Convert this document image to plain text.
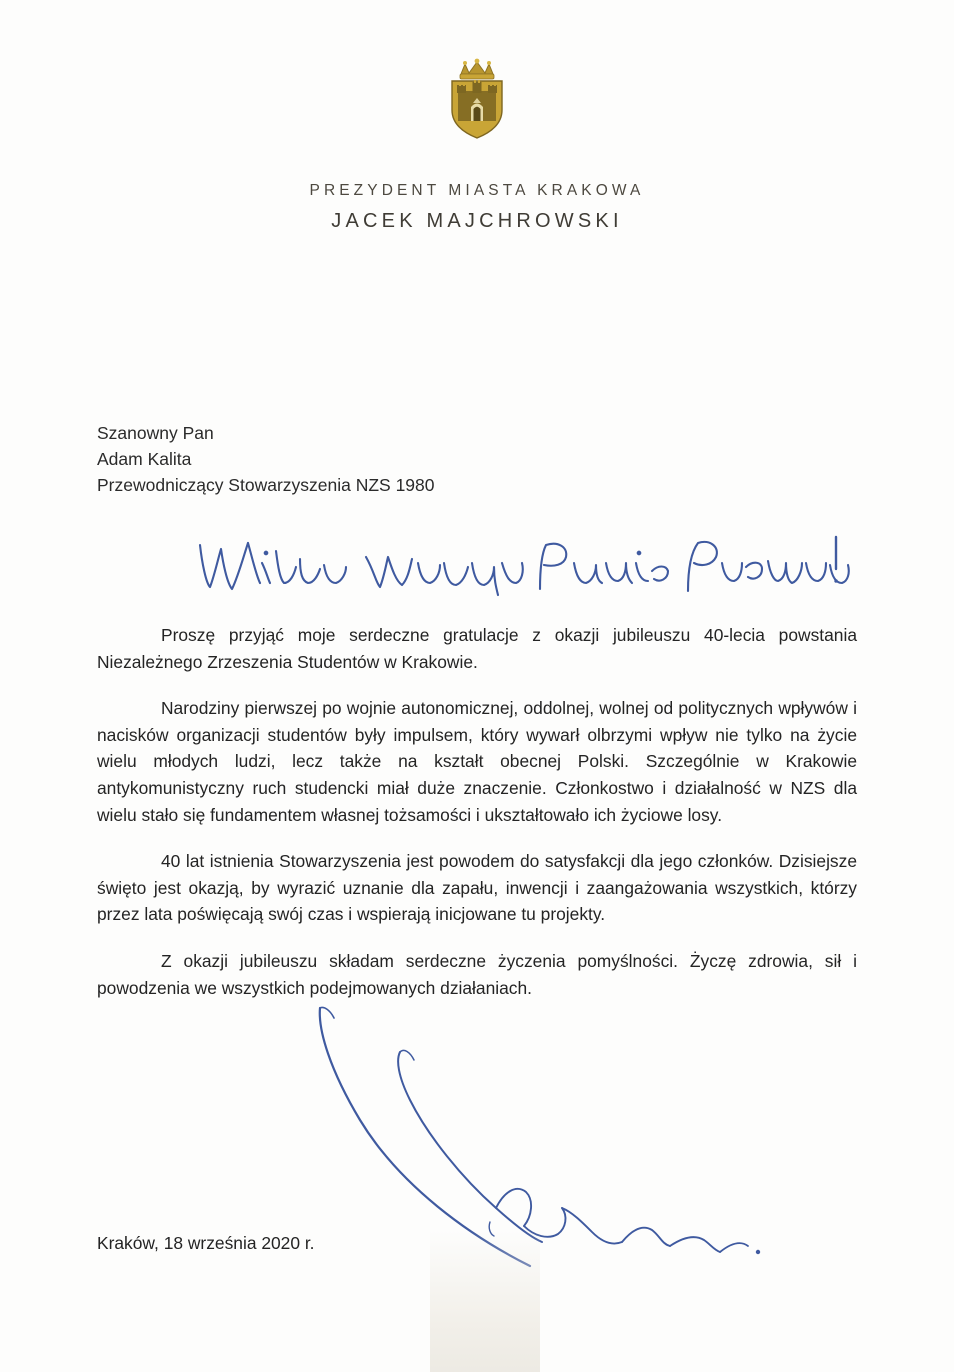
PREZYDENT MIASTA KRAKOWA
JACEK MAJCHROWSKI
Szanowny Pan
Adam Kalita
Przewodniczący Stowarzyszenia NZS 1980

Proszę przyjąć moje serdeczne gratulacje z okazji jubileuszu 40-lecia powstania Niezależnego Zrzeszenia Studentów w Krakowie.

Narodziny pierwszej po wojnie autonomicznej, oddolnej, wolnej od politycznych wpływów i nacisków organizacji studentów były impulsem, który wywarł olbrzymi wpływ nie tylko na życie wielu młodych ludzi, lecz także na kształt obecnej Polski. Szczególnie w Krakowie antykomunistyczny ruch studencki miał duże znaczenie. Członkostwo i działalność w NZS dla wielu stało się fundamentem własnej tożsamości i ukształtowało ich życiowe losy.

40 lat istnienia Stowarzyszenia jest powodem do satysfakcji dla jego członków. Dzisiejsze święto jest okazją, by wyrazić uznanie dla zapału, inwencji i zaangażowania wszystkich, którzy przez lata poświęcają swój czas i wspierają inicjowane tu projekty.

Z okazji jubileuszu składam serdeczne życzenia pomyślności. Życzę zdrowia, sił i powodzenia we wszystkich podejmowanych działaniach.

Kraków, 18 września 2020 r.
